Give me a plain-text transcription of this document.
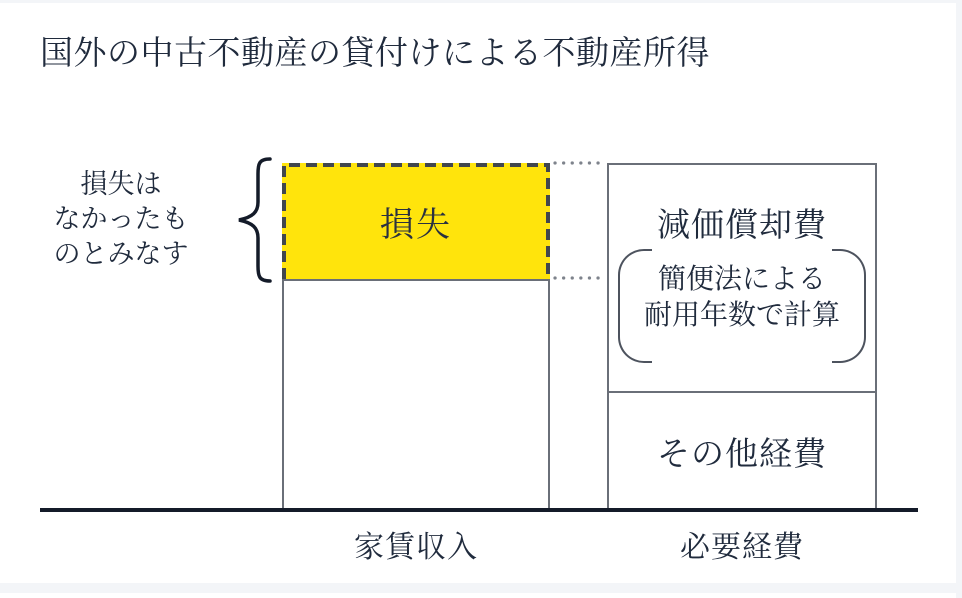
国外の中古不動産の貸付けによる不動産所得
損失は
なかったも
のとみなす
損失	減価償却費
簡便法による
耐用年数で計算
その他経費
家賃収入	必要経費
